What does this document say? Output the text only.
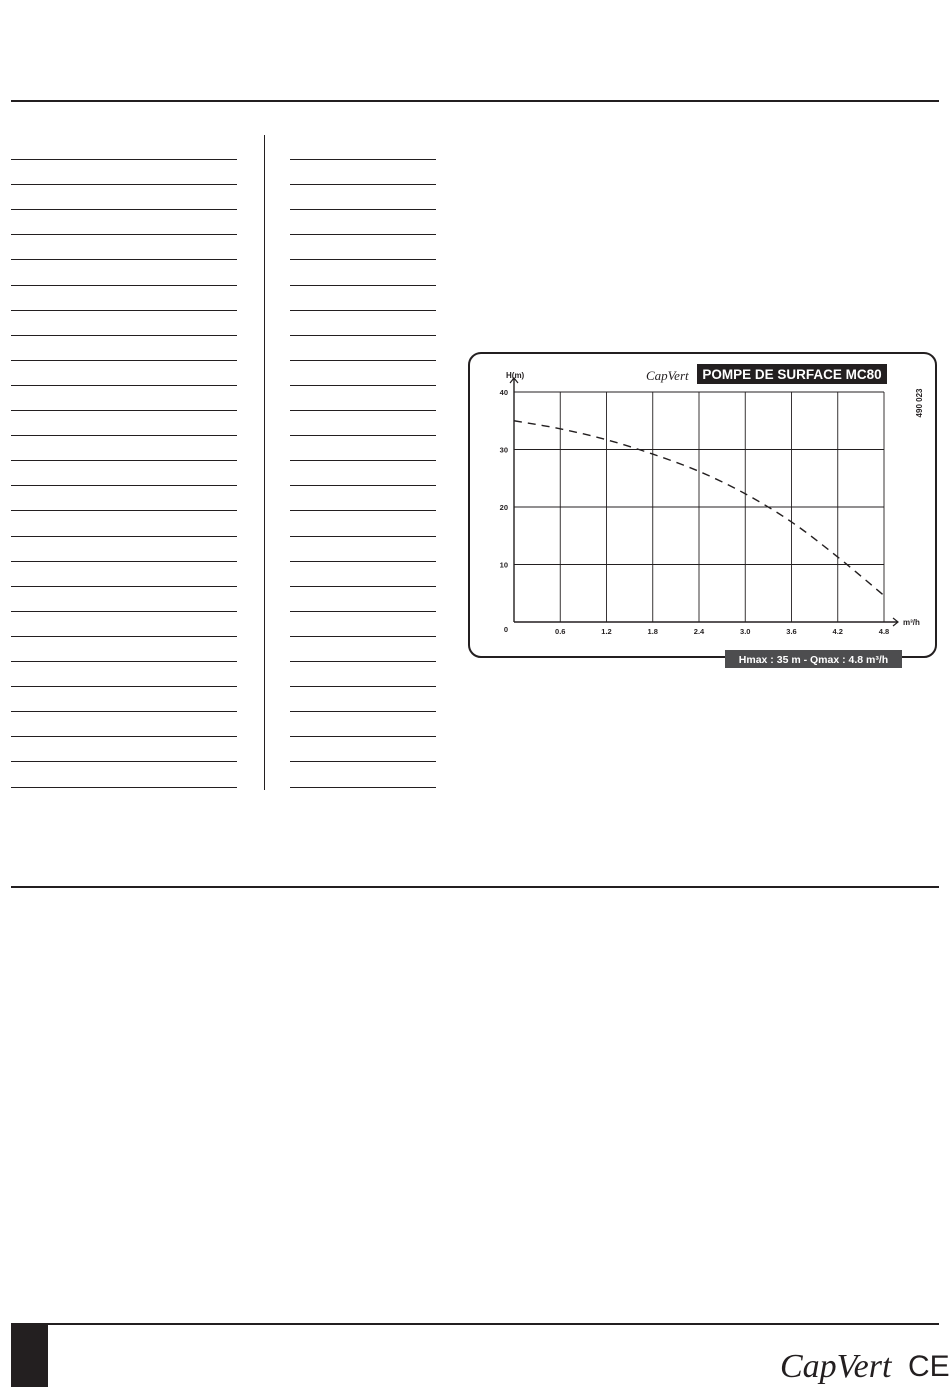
CapVert POMPE DE SURFACE MC80
490 023
H(m)
m³/h
0.6	1.2	1.8	2.4	3.0	3.6	4.2	4.8
0
10
20
30
40
Hmax : 35 m - Qmax : 4.8 m³/h
CapVert CE
